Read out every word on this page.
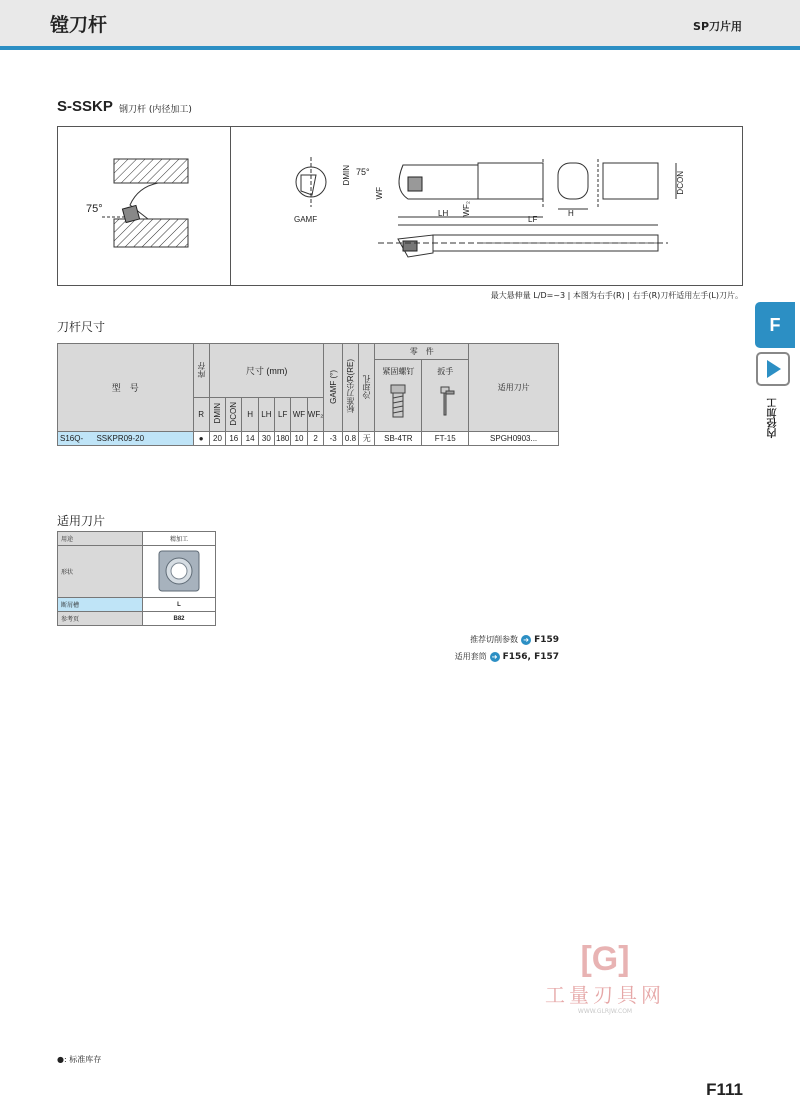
镗刀杆	SP刀片用
S-SSKP 钢刀杆 (内径加工)
75°
GAMF
DMIN 75°
WF
WF₂
LH
LF
H
DCON
最大悬伸量 L/D=~3 | 本图为右手(R) | 右手(R)刀杆适用左手(L)刀片。
F
内径加工
刀杆尺寸
型　号	库存	尺寸 (mm)							GAMF (°)	标准刀尖R(RE)	冷却孔	零　件		适用刀片

												紧固螺钉	扳手	

	R	DMIN	DCON	H	LH	LF	WF	WF₂						
S16Q- SSKPR09-20	●	20	16	14	30	180	10	2	-3	0.8	无	SB-4TR	FT-15	SPGH0903...
适用刀片
用途	精加工
形状	
断屑槽	L
参考页	B82
推荐切削参数 ➜ F159
适用套筒 ➜ F156, F157
[G]
工量刃具网
WWW.GLRJW.COM
●: 标准库存
F111
